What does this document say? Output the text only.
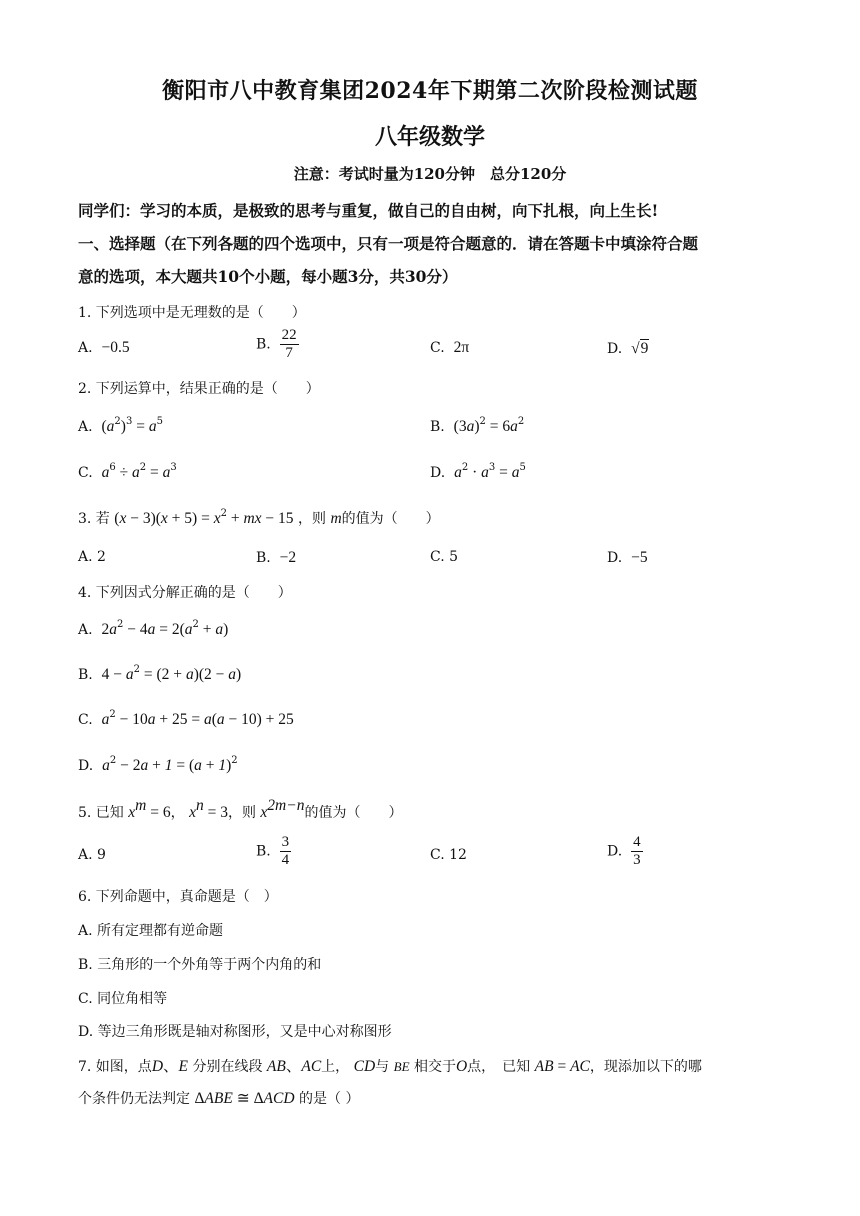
衡阳市八中教育集团2024年下期第二次阶段检测试题
八年级数学
注意：考试时量为120分钟　总分120分
同学们：学习的本质，是极致的思考与重复，做自己的自由树，向下扎根，向上生长!
一、选择题（在下列各题的四个选项中，只有一项是符合题意的．请在答题卡中填涂符合题
意的选项，本大题共10个小题，每小题3分，共30分）
1. 下列选项中是无理数的是（　　）
A. −0.5	B. $\frac{22}{7}$	C. 2π	D. √9
2. 下列运算中，结果正确的是（　　）
A. $(a^2)^3 = a^5$	B. $(3a)^2 = 6a^2$
C. $a^6 \div a^2 = a^3$	D. $a^2 \cdot a^3 = a^5$
3. 若 $(x - 3)(x + 5) = x^2$ + mx − 15 ，则 m的值为（　　）
A. 2	B. −2	C. 5	D. −5
4. 下列因式分解正确的是（　　）
A. $2a^2 - 4a = 2(a^2 + a)$
B. $4 - a^2 = (2 + a)(2 - a)$
C. $a^2 - 10a + 25 = a(a - 10) + 25$
D. $a^2 - 2a + 1 = (a + 1)^2$
5. 已知 $x^m = 6$， $x^n = 3$，则 $x^{2m-n}$的值为（　　）
A. 9	B. $\frac{3}{4}$	C. 12	D. $\frac{4}{3}$
6. 下列命题中，真命题是（　）
A. 所有定理都有逆命题
B. 三角形的一个外角等于两个内角的和
C. 同位角相等
D. 等边三角形既是轴对称图形，又是中心对称图形
7. 如图，点D、E 分别在线段 AB、AC上， CD与 BE 相交于O点，　已知 AB = AC，现添加以下的哪
个条件仍无法判定 ΔABE ≅ ΔACD 的是（ ）
